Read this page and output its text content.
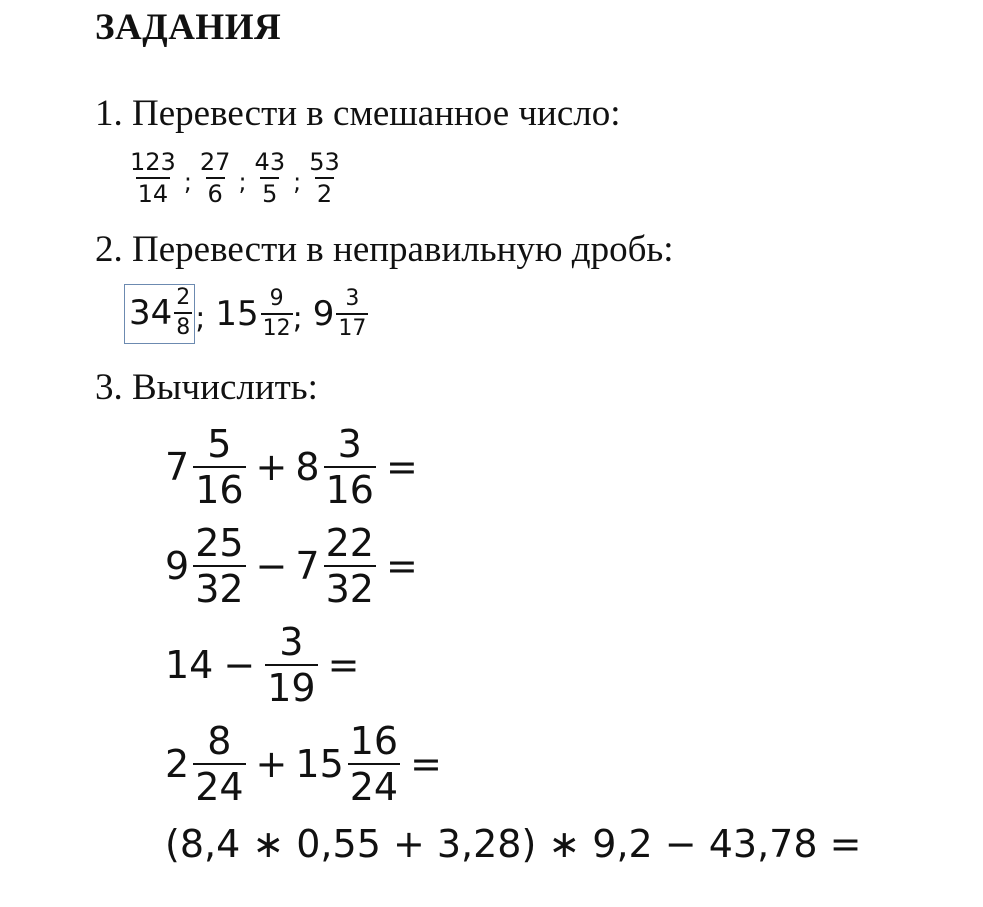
ЗАДАНИЯ
1. Перевести в смешанное число:
$\frac{123}{14}$ ; $\frac{27}{6}$ ; $\frac{43}{5}$ ; $\frac{53}{2}$
2. Перевести в неправильную дробь:
$34 \frac{2}{8}$ ; $15 \frac{9}{12}$ ; $9 \frac{3}{17}$
3. Вычислить:
$7 \frac{5}{16} + 8 \frac{3}{16}$ =
$9 \frac{25}{32} - 7 \frac{22}{32}$ =
$14 - \frac{3}{19}$ =
$2 \frac{8}{24} + 15 \frac{16}{24}$ =
(8,4 ∗ 0,55 + 3,28) ∗ 9,2 − 43,78 =
